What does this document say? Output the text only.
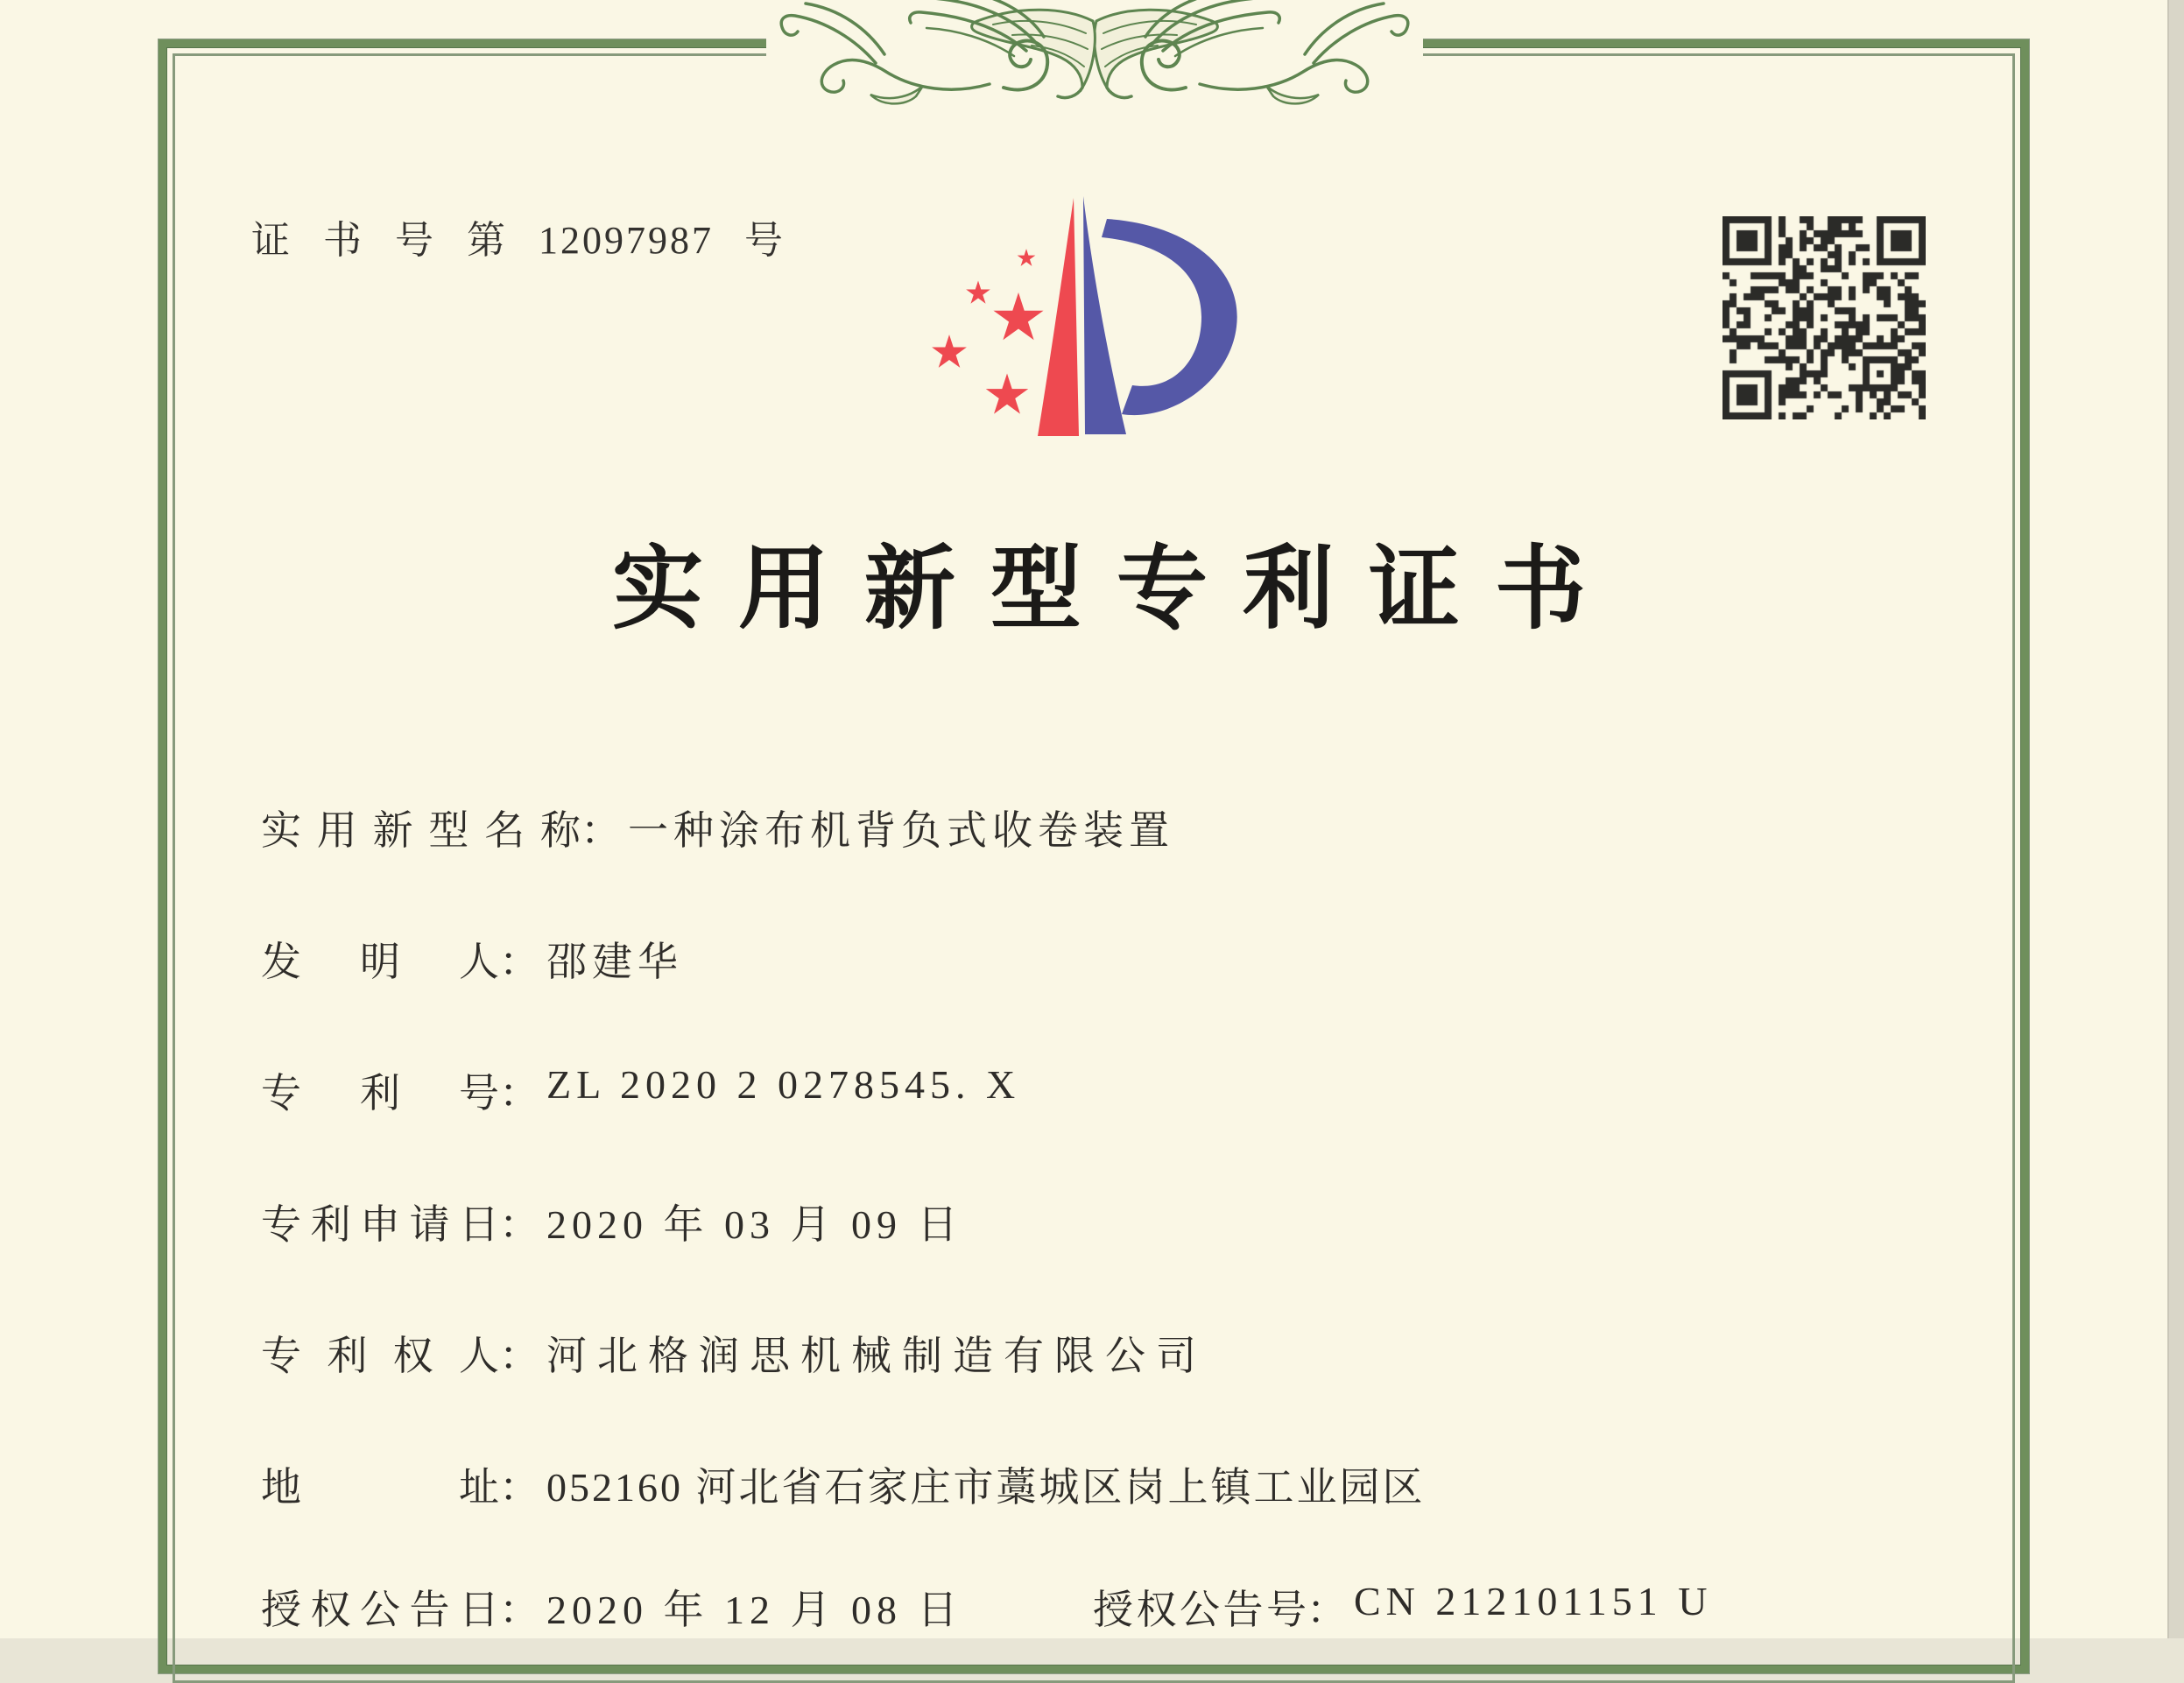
证 书 号 第 12097987 号
实用新型专利证书
实用新型名称： 一种涂布机背负式收卷装置
发明人： 邵建华
专利号： ZL 2020 2 0278545. X
专利申请日： 2020 年 03 月 09 日
专利权人： 河北格润思机械制造有限公司
地址： 052160 河北省石家庄市藁城区岗上镇工业园区
授权公告日： 2020 年 12 月 08 日	授权公告号： CN 212101151 U
